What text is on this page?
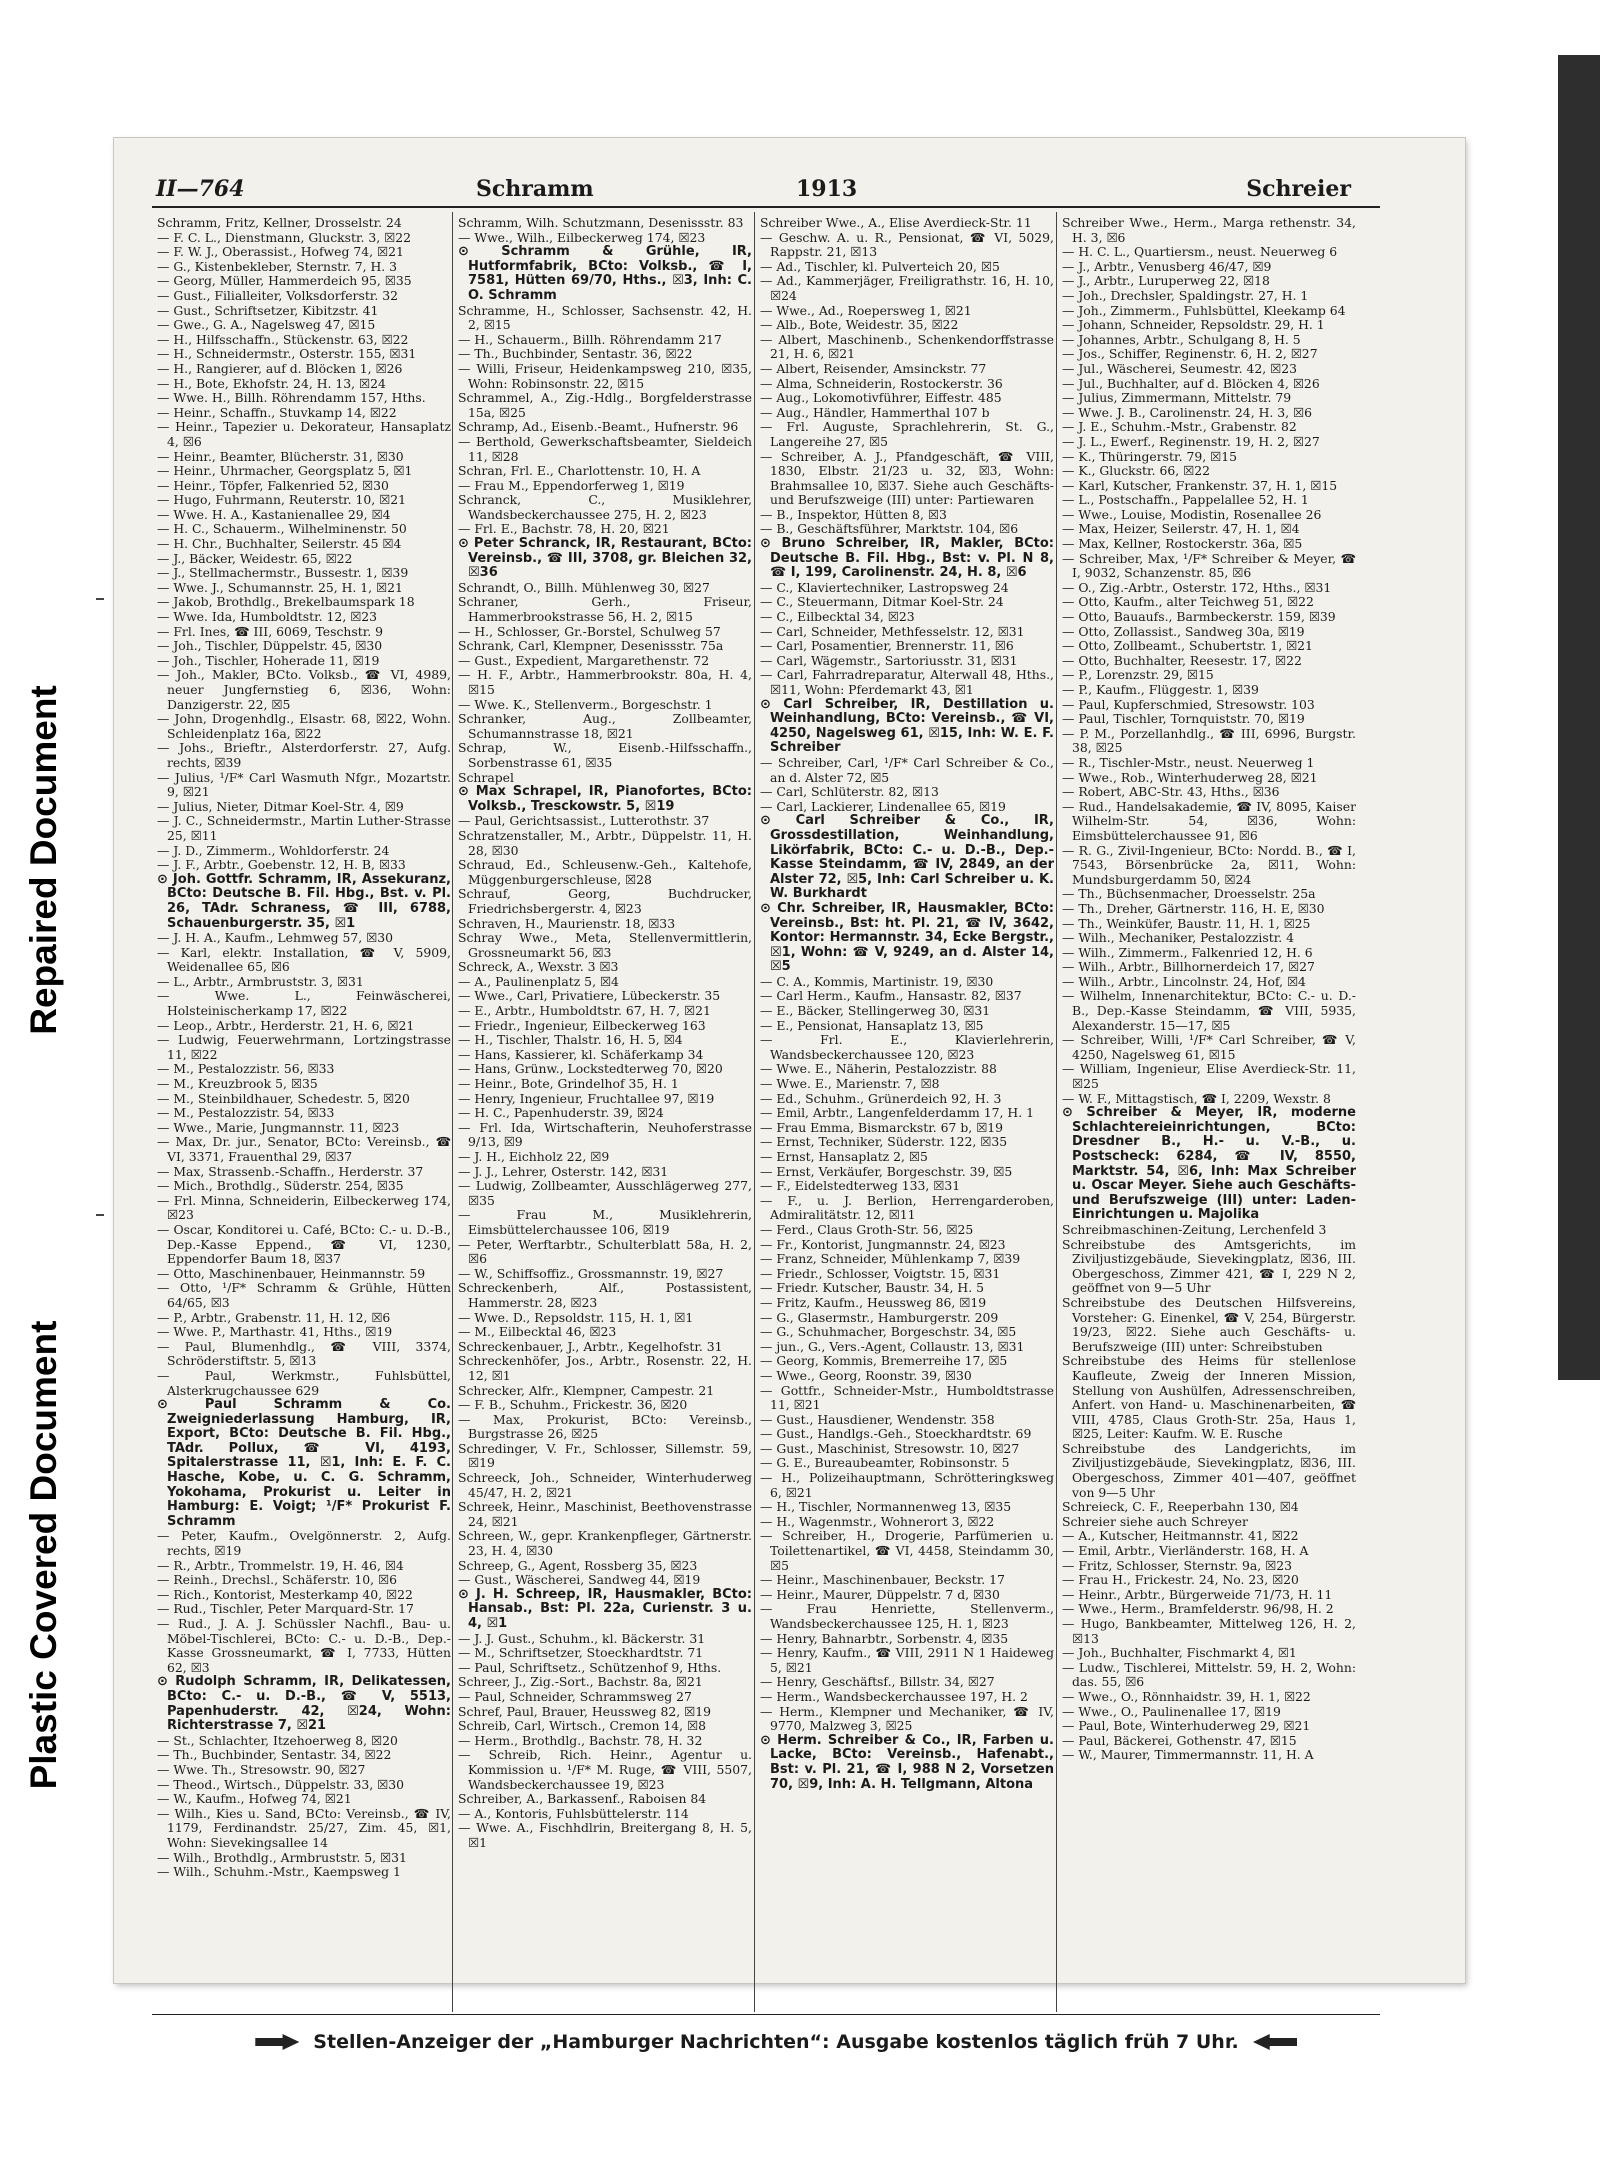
Repaired Document
Plastic Covered Document
II—764	Schramm	1913	Schreier

Schramm, Fritz, Kellner, Drosselstr. 24

— F. C. L., Dienstmann, Gluckstr. 3, ☒22

— F. W. J., Oberassist., Hofweg 74, ☒21

— G., Kistenbekleber, Sternstr. 7, H. 3

— Georg, Müller, Hammerdeich 95, ☒35

— Gust., Filialleiter, Volksdorferstr. 32

— Gust., Schriftsetzer, Kibitzstr. 41

— Gwe., G. A., Nagelsweg 47, ☒15

— H., Hilfsschaffn., Stückenstr. 63, ☒22

— H., Schneidermstr., Osterstr. 155, ☒31

— H., Rangierer, auf d. Blöcken 1, ☒26

— H., Bote, Ekhofstr. 24, H. 13, ☒24

— Wwe. H., Billh. Röhrendamm 157, Hths.

— Heinr., Schaffn., Stuvkamp 14, ☒22

— Heinr., Tapezier u. Dekorateur, Hansaplatz 4, ☒6

— Heinr., Beamter, Blücherstr. 31, ☒30

— Heinr., Uhrmacher, Georgsplatz 5, ☒1

— Heinr., Töpfer, Falkenried 52, ☒30

— Hugo, Fuhrmann, Reuterstr. 10, ☒21

— Wwe. H. A., Kastanienallee 29, ☒4

— H. C., Schauerm., Wilhelminenstr. 50

— H. Chr., Buchhalter, Seilerstr. 45 ☒4

— J., Bäcker, Weidestr. 65, ☒22

— J., Stellmachermstr., Bussestr. 1, ☒39

— Wwe. J., Schumannstr. 25, H. 1, ☒21

— Jakob, Brothdlg., Brekelbaumspark 18

— Wwe. Ida, Humboldtstr. 12, ☒23

— Frl. Ines, ☎ III, 6069, Teschstr. 9

— Joh., Tischler, Düppelstr. 45, ☒30

— Joh., Tischler, Hoherade 11, ☒19

— Joh., Makler, BCto. Volksb., ☎ VI, 4989, neuer Jungfernstieg 6, ☒36, Wohn: Danzigerstr. 22, ☒5

— John, Drogenhdlg., Elsastr. 68, ☒22, Wohn. Schleidenplatz 16a, ☒22

— Johs., Brieftr., Alsterdorferstr. 27, Aufg. rechts, ☒39

— Julius, ¹/F* Carl Wasmuth Nfgr., Mozartstr. 9, ☒21

— Julius, Nieter, Ditmar Koel-Str. 4, ☒9

— J. C., Schneidermstr., Martin Luther-Strasse 25, ☒11

— J. D., Zimmerm., Wohldorferstr. 24

— J. F., Arbtr., Goebenstr. 12, H. B, ☒33

⊙ Joh. Gottfr. Schramm, IR, Assekuranz, BCto: Deutsche B. Fil. Hbg., Bst. v. Pl. 26, TAdr. Schraness, ☎ III, 6788, Schauenburgerstr. 35, ☒1

— J. H. A., Kaufm., Lehmweg 57, ☒30

— Karl, elektr. Installation, ☎ V, 5909, Weidenallee 65, ☒6

— L., Arbtr., Armbruststr. 3, ☒31

— Wwe. L., Feinwäscherei, Holsteinischerkamp 17, ☒22

— Leop., Arbtr., Herderstr. 21, H. 6, ☒21

— Ludwig, Feuerwehrmann, Lortzingstrasse 11, ☒22

— M., Pestalozzistr. 56, ☒33

— M., Kreuzbrook 5, ☒35

— M., Steinbildhauer, Schedestr. 5, ☒20

— M., Pestalozzistr. 54, ☒33

— Wwe., Marie, Jungmannstr. 11, ☒23

— Max, Dr. jur., Senator, BCto: Vereinsb., ☎ VI, 3371, Frauenthal 29, ☒37

— Max, Strassenb.-Schaffn., Herderstr. 37

— Mich., Brothdlg., Süderstr. 254, ☒35

— Frl. Minna, Schneiderin, Eilbeckerweg 174, ☒23

— Oscar, Konditorei u. Café, BCto: C.- u. D.-B., Dep.-Kasse Eppend., ☎ VI, 1230, Eppendorfer Baum 18, ☒37

— Otto, Maschinenbauer, Heinmannstr. 59

— Otto, ¹/F* Schramm & Grühle, Hütten 64/65, ☒3

— P., Arbtr., Grabenstr. 11, H. 12, ☒6

— Wwe. P., Marthastr. 41, Hths., ☒19

— Paul, Blumenhdlg., ☎ VIII, 3374, Schröderstiftstr. 5, ☒13

— Paul, Werkmstr., Fuhlsbüttel, Alsterkrugchaussee 629

⊙ Paul Schramm & Co. Zweigniederlassung Hamburg, IR, Export, BCto: Deutsche B. Fil. Hbg., TAdr. Pollux, ☎ VI, 4193, Spitalerstrasse 11, ☒1, Inh: E. F. C. Hasche, Kobe, u. C. G. Schramm, Yokohama, Prokurist u. Leiter in Hamburg: E. Voigt; ¹/F* Prokurist F. Schramm

— Peter, Kaufm., Ovelgönnerstr. 2, Aufg. rechts, ☒19

— R., Arbtr., Trommelstr. 19, H. 46, ☒4

— Reinh., Drechsl., Schäferstr. 10, ☒6

— Rich., Kontorist, Mesterkamp 40, ☒22

— Rud., Tischler, Peter Marquard-Str. 17

— Rud., J. A. J. Schüssler Nachfl., Bau- u. Möbel-Tischlerei, BCto: C.- u. D.-B., Dep.-Kasse Grossneumarkt, ☎ I, 7733, Hütten 62, ☒3

⊙ Rudolph Schramm, IR, Delikatessen, BCto: C.- u. D.-B., ☎ V, 5513, Papenhuderstr. 42, ☒24, Wohn: Richterstrasse 7, ☒21

— St., Schlachter, Itzehoerweg 8, ☒20

— Th., Buchbinder, Sentastr. 34, ☒22

— Wwe. Th., Stresowstr. 90, ☒27

— Theod., Wirtsch., Düppelstr. 33, ☒30

— W., Kaufm., Hofweg 74, ☒21

— Wilh., Kies u. Sand, BCto: Vereinsb., ☎ IV, 1179, Ferdinandstr. 25/27, Zim. 45, ☒1, Wohn: Sievekingsallee 14

— Wilh., Brothdlg., Armbruststr. 5, ☒31

— Wilh., Schuhm.-Mstr., Kaempsweg 1

Schramm, Wilh. Schutzmann, Desenissstr. 83

— Wwe., Wilh., Eilbeckerweg 174, ☒23

⊙ Schramm & Grühle, IR, Hutformfabrik, BCto: Volksb., ☎ I, 7581, Hütten 69/70, Hths., ☒3, Inh: C. O. Schramm

Schramme, H., Schlosser, Sachsenstr. 42, H. 2, ☒15

— H., Schauerm., Billh. Röhrendamm 217

— Th., Buchbinder, Sentastr. 36, ☒22

— Willi, Friseur, Heidenkampsweg 210, ☒35, Wohn: Robinsonstr. 22, ☒15

Schrammel, A., Zig.-Hdlg., Borgfelderstrasse 15a, ☒25

Schramp, Ad., Eisenb.-Beamt., Hufnerstr. 96

— Berthold, Gewerkschaftsbeamter, Sieldeich 11, ☒28

Schran, Frl. E., Charlottenstr. 10, H. A

— Frau M., Eppendorferweg 1, ☒19

Schranck, C., Musiklehrer, Wandsbeckerchaussee 275, H. 2, ☒23

— Frl. E., Bachstr. 78, H. 20, ☒21

⊙ Peter Schranck, IR, Restaurant, BCto: Vereinsb., ☎ III, 3708, gr. Bleichen 32, ☒36

Schrandt, O., Billh. Mühlenweg 30, ☒27

Schraner, Gerh., Friseur, Hammerbrookstrasse 56, H. 2, ☒15

— H., Schlosser, Gr.-Borstel, Schulweg 57

Schrank, Carl, Klempner, Desenissstr. 75a

— Gust., Expedient, Margarethenstr. 72

— H. F., Arbtr., Hammerbrookstr. 80a, H. 4, ☒15

— Wwe. K., Stellenverm., Borgeschstr. 1

Schranker, Aug., Zollbeamter, Schumannstrasse 18, ☒21

Schrap, W., Eisenb.-Hilfsschaffn., Sorbenstrasse 61, ☒35

Schrapel

⊙ Max Schrapel, IR, Pianofortes, BCto: Volksb., Tresckowstr. 5, ☒19

— Paul, Gerichtsassist., Lutterothstr. 37

Schratzenstaller, M., Arbtr., Düppelstr. 11, H. 28, ☒30

Schraud, Ed., Schleusenw.-Geh., Kaltehofe, Müggenburgerschleuse, ☒28

Schrauf, Georg, Buchdrucker, Friedrichsbergerstr. 4, ☒23

Schraven, H., Maurienstr. 18, ☒33

Schray Wwe., Meta, Stellenvermittlerin, Grossneumarkt 56, ☒3

Schreck, A., Wexstr. 3 ☒3

— A., Paulinenplatz 5, ☒4

— Wwe., Carl, Privatiere, Lübeckerstr. 35

— E., Arbtr., Humboldtstr. 67, H. 7, ☒21

— Friedr., Ingenieur, Eilbeckerweg 163

— H., Tischler, Thalstr. 16, H. 5, ☒4

— Hans, Kassierer, kl. Schäferkamp 34

— Hans, Grünw., Lockstedterweg 70, ☒20

— Heinr., Bote, Grindelhof 35, H. 1

— Henry, Ingenieur, Fruchtallee 97, ☒19

— H. C., Papenhuderstr. 39, ☒24

— Frl. Ida, Wirtschafterin, Neuhoferstrasse 9/13, ☒9

— J. H., Eichholz 22, ☒9

— J. J., Lehrer, Osterstr. 142, ☒31

— Ludwig, Zollbeamter, Ausschlägerweg 277, ☒35

— Frau M., Musiklehrerin, Eimsbüttelerchaussee 106, ☒19

— Peter, Werftarbtr., Schulterblatt 58a, H. 2, ☒6

— W., Schiffsoffiz., Grossmannstr. 19, ☒27

Schreckenberh, Alf., Postassistent, Hammerstr. 28, ☒23

— Wwe. D., Repsoldstr. 115, H. 1, ☒1

— M., Eilbecktal 46, ☒23

Schreckenbauer, J., Arbtr., Kegelhofstr. 31

Schreckenhöfer, Jos., Arbtr., Rosenstr. 22, H. 12, ☒1

Schrecker, Alfr., Klempner, Campestr. 21

— F. B., Schuhm., Frickestr. 36, ☒20

— Max, Prokurist, BCto: Vereinsb., Burgstrasse 26, ☒25

Schredinger, V. Fr., Schlosser, Sillemstr. 59, ☒19

Schreeck, Joh., Schneider, Winterhuderweg 45/47, H. 2, ☒21

Schreek, Heinr., Maschinist, Beethovenstrasse 24, ☒21

Schreen, W., gepr. Krankenpfleger, Gärtnerstr. 23, H. 4, ☒30

Schreep, G., Agent, Rossberg 35, ☒23

— Gust., Wäscherei, Sandweg 44, ☒19

⊙ J. H. Schreep, IR, Hausmakler, BCto: Hansab., Bst: Pl. 22a, Curienstr. 3 u. 4, ☒1

— J. J. Gust., Schuhm., kl. Bäckerstr. 31

— M., Schriftsetzer, Stoeckhardtstr. 71

— Paul, Schriftsetz., Schützenhof 9, Hths.

Schreer, J., Zig.-Sort., Bachstr. 8a, ☒21

— Paul, Schneider, Schrammsweg 27

Schref, Paul, Brauer, Heussweg 82, ☒19

Schreib, Carl, Wirtsch., Cremon 14, ☒8

— Herm., Brothdlg., Bachstr. 78, H. 32

— Schreib, Rich. Heinr., Agentur u. Kommission u. ¹/F* M. Ruge, ☎ VIII, 5507, Wandsbeckerchaussee 19, ☒23

Schreiber, A., Barkassenf., Raboisen 84

— A., Kontoris, Fuhlsbüttelerstr. 114

— Wwe. A., Fischhdlrin, Breitergang 8, H. 5, ☒1

Schreiber Wwe., A., Elise Averdieck-Str. 11

— Geschw. A. u. R., Pensionat, ☎ VI, 5029, Rappstr. 21, ☒13

— Ad., Tischler, kl. Pulverteich 20, ☒5

— Ad., Kammerjäger, Freiligrathstr. 16, H. 10, ☒24

— Wwe., Ad., Roepersweg 1, ☒21

— Alb., Bote, Weidestr. 35, ☒22

— Albert, Maschinenb., Schenkendorffstrasse 21, H. 6, ☒21

— Albert, Reisender, Amsinckstr. 77

— Alma, Schneiderin, Rostockerstr. 36

— Aug., Lokomotivführer, Eiffestr. 485

— Aug., Händler, Hammerthal 107 b

— Frl. Auguste, Sprachlehrerin, St. G., Langereihe 27, ☒5

— Schreiber, A. J., Pfandgeschäft, ☎ VIII, 1830, Elbstr. 21/23 u. 32, ☒3, Wohn: Brahmsallee 10, ☒37. Siehe auch Geschäfts- und Berufszweige (III) unter: Partiewaren

— B., Inspektor, Hütten 8, ☒3

— B., Geschäftsführer, Marktstr. 104, ☒6

⊙ Bruno Schreiber, IR, Makler, BCto: Deutsche B. Fil. Hbg., Bst: v. Pl. N 8, ☎ I, 199, Carolinenstr. 24, H. 8, ☒6

— C., Klaviertechniker, Lastropsweg 24

— C., Steuermann, Ditmar Koel-Str. 24

— C., Eilbecktal 34, ☒23

— Carl, Schneider, Methfesselstr. 12, ☒31

— Carl, Posamentier, Brennerstr. 11, ☒6

— Carl, Wägemstr., Sartoriusstr. 31, ☒31

— Carl, Fahrradreparatur, Alterwall 48, Hths., ☒11, Wohn: Pferdemarkt 43, ☒1

⊙ Carl Schreiber, IR, Destillation u. Weinhandlung, BCto: Vereinsb., ☎ VI, 4250, Nagelsweg 61, ☒15, Inh: W. E. F. Schreiber

— Schreiber, Carl, ¹/F* Carl Schreiber & Co., an d. Alster 72, ☒5

— Carl, Schlüterstr. 82, ☒13

— Carl, Lackierer, Lindenallee 65, ☒19

⊙ Carl Schreiber & Co., IR, Grossdestillation, Weinhandlung, Likörfabrik, BCto: C.- u. D.-B., Dep.-Kasse Steindamm, ☎ IV, 2849, an der Alster 72, ☒5, Inh: Carl Schreiber u. K. W. Burkhardt

⊙ Chr. Schreiber, IR, Hausmakler, BCto: Vereinsb., Bst: ht. Pl. 21, ☎ IV, 3642, Kontor: Hermannstr. 34, Ecke Bergstr., ☒1, Wohn: ☎ V, 9249, an d. Alster 14, ☒5

— C. A., Kommis, Martinistr. 19, ☒30

— Carl Herm., Kaufm., Hansastr. 82, ☒37

— E., Bäcker, Stellingerweg 30, ☒31

— E., Pensionat, Hansaplatz 13, ☒5

— Frl. E., Klavierlehrerin, Wandsbeckerchaussee 120, ☒23

— Wwe. E., Näherin, Pestalozzistr. 88

— Wwe. E., Marienstr. 7, ☒8

— Ed., Schuhm., Grünerdeich 92, H. 3

— Emil, Arbtr., Langenfelderdamm 17, H. 1

— Frau Emma, Bismarckstr. 67 b, ☒19

— Ernst, Techniker, Süderstr. 122, ☒35

— Ernst, Hansaplatz 2, ☒5

— Ernst, Verkäufer, Borgeschstr. 39, ☒5

— F., Eidelstedterweg 133, ☒31

— F., u. J. Berlion, Herrengarderoben, Admiralitätstr. 12, ☒11

— Ferd., Claus Groth-Str. 56, ☒25

— Fr., Kontorist, Jungmannstr. 24, ☒23

— Franz, Schneider, Mühlenkamp 7, ☒39

— Friedr., Schlosser, Voigtstr. 15, ☒31

— Friedr. Kutscher, Baustr. 34, H. 5

— Fritz, Kaufm., Heussweg 86, ☒19

— G., Glasermstr., Hamburgerstr. 209

— G., Schuhmacher, Borgeschstr. 34, ☒5

— jun., G., Vers.-Agent, Collaustr. 13, ☒31

— Georg, Kommis, Bremerreihe 17, ☒5

— Wwe., Georg, Roonstr. 39, ☒30

— Gottfr., Schneider-Mstr., Humboldtstrasse 11, ☒21

— Gust., Hausdiener, Wendenstr. 358

— Gust., Handlgs.-Geh., Stoeckhardtstr. 69

— Gust., Maschinist, Stresowstr. 10, ☒27

— G. E., Bureaubeamter, Robinsonstr. 5

— H., Polizeihauptmann, Schrötteringksweg 6, ☒21

— H., Tischler, Normannenweg 13, ☒35

— H., Wagenmstr., Wohnerort 3, ☒22

— Schreiber, H., Drogerie, Parfümerien u. Toilettenartikel, ☎ VI, 4458, Steindamm 30, ☒5

— Heinr., Maschinenbauer, Beckstr. 17

— Heinr., Maurer, Düppelstr. 7 d, ☒30

— Frau Henriette, Stellenverm., Wandsbeckerchaussee 125, H. 1, ☒23

— Henry, Bahnarbtr., Sorbenstr. 4, ☒35

— Henry, Kaufm., ☎ VIII, 2911 N 1 Haideweg 5, ☒21

— Henry, Geschäftsf., Billstr. 34, ☒27

— Herm., Wandsbeckerchaussee 197, H. 2

— Herm., Klempner und Mechaniker, ☎ IV, 9770, Malzweg 3, ☒25

⊙ Herm. Schreiber & Co., IR, Farben u. Lacke, BCto: Vereinsb., Hafenabt., Bst: v. Pl. 21, ☎ I, 988 N 2, Vorsetzen 70, ☒9, Inh: A. H. Tellgmann, Altona

Schreiber Wwe., Herm., Marga rethenstr. 34, H. 3, ☒6

— H. C. L., Quartiersm., neust. Neuerweg 6

— J., Arbtr., Venusberg 46/47, ☒9

— J., Arbtr., Luruperweg 22, ☒18

— Joh., Drechsler, Spaldingstr. 27, H. 1

— Joh., Zimmerm., Fuhlsbüttel, Kleekamp 64

— Johann, Schneider, Repsoldstr. 29, H. 1

— Johannes, Arbtr., Schulgang 8, H. 5

— Jos., Schiffer, Reginenstr. 6, H. 2, ☒27

— Jul., Wäscherei, Seumestr. 42, ☒23

— Jul., Buchhalter, auf d. Blöcken 4, ☒26

— Julius, Zimmermann, Mittelstr. 79

— Wwe. J. B., Carolinenstr. 24, H. 3, ☒6

— J. E., Schuhm.-Mstr., Grabenstr. 82

— J. L., Ewerf., Reginenstr. 19, H. 2, ☒27

— K., Thüringerstr. 79, ☒15

— K., Gluckstr. 66, ☒22

— Karl, Kutscher, Frankenstr. 37, H. 1, ☒15

— L., Postschaffn., Pappelallee 52, H. 1

— Wwe., Louise, Modistin, Rosenallee 26

— Max, Heizer, Seilerstr. 47, H. 1, ☒4

— Max, Kellner, Rostockerstr. 36a, ☒5

— Schreiber, Max, ¹/F* Schreiber & Meyer, ☎ I, 9032, Schanzenstr. 85, ☒6

— O., Zig.-Arbtr., Osterstr. 172, Hths., ☒31

— Otto, Kaufm., alter Teichweg 51, ☒22

— Otto, Bauaufs., Barmbeckerstr. 159, ☒39

— Otto, Zollassist., Sandweg 30a, ☒19

— Otto, Zollbeamt., Schubertstr. 1, ☒21

— Otto, Buchhalter, Reesestr. 17, ☒22

— P., Lorenzstr. 29, ☒15

— P., Kaufm., Flüggestr. 1, ☒39

— Paul, Kupferschmied, Stresowstr. 103

— Paul, Tischler, Tornquiststr. 70, ☒19

— P. M., Porzellanhdlg., ☎ III, 6996, Burgstr. 38, ☒25

— R., Tischler-Mstr., neust. Neuerweg 1

— Wwe., Rob., Winterhuderweg 28, ☒21

— Robert, ABC-Str. 43, Hths., ☒36

— Rud., Handelsakademie, ☎ IV, 8095, Kaiser Wilhelm-Str. 54, ☒36, Wohn: Eimsbüttelerchaussee 91, ☒6

— R. G., Zivil-Ingenieur, BCto: Nordd. B., ☎ I, 7543, Börsenbrücke 2a, ☒11, Wohn: Mundsburgerdamm 50, ☒24

— Th., Büchsenmacher, Droesselstr. 25a

— Th., Dreher, Gärtnerstr. 116, H. E, ☒30

— Th., Weinküfer, Baustr. 11, H. 1, ☒25

— Wilh., Mechaniker, Pestalozzistr. 4

— Wilh., Zimmerm., Falkenried 12, H. 6

— Wilh., Arbtr., Billhornerdeich 17, ☒27

— Wilh., Arbtr., Lincolnstr. 24, Hof, ☒4

— Wilhelm, Innenarchitektur, BCto: C.- u. D.-B., Dep.-Kasse Steindamm, ☎ VIII, 5935, Alexanderstr. 15—17, ☒5

— Schreiber, Willi, ¹/F* Carl Schreiber, ☎ V, 4250, Nagelsweg 61, ☒15

— William, Ingenieur, Elise Averdieck-Str. 11, ☒25

— W. F., Mittagstisch, ☎ I, 2209, Wexstr. 8

⊙ Schreiber & Meyer, IR, moderne Schlachtereieinrichtungen, BCto: Dresdner B., H.- u. V.-B., u. Postscheck: 6284, ☎ IV, 8550, Marktstr. 54, ☒6, Inh: Max Schreiber u. Oscar Meyer. Siehe auch Geschäfts- und Berufszweige (III) unter: Laden-Einrichtungen u. Majolika

Schreibmaschinen-Zeitung, Lerchenfeld 3

Schreibstube des Amtsgerichts, im Ziviljustizgebäude, Sievekingplatz, ☒36, III. Obergeschoss, Zimmer 421, ☎ I, 229 N 2, geöffnet von 9—5 Uhr

Schreibstube des Deutschen Hilfsvereins, Vorsteher: G. Einenkel, ☎ V, 254, Bürgerstr. 19/23, ☒22. Siehe auch Geschäfts- u. Berufszweige (III) unter: Schreibstuben

Schreibstube des Heims für stellenlose Kaufleute, Zweig der Inneren Mission, Stellung von Aushülfen, Adressenschreiben, Anfert. von Hand- u. Maschinenarbeiten, ☎ VIII, 4785, Claus Groth-Str. 25a, Haus 1, ☒25, Leiter: Kaufm. W. E. Rusche

Schreibstube des Landgerichts, im Ziviljustizgebäude, Sievekingplatz, ☒36, III. Obergeschoss, Zimmer 401—407, geöffnet von 9—5 Uhr

Schreieck, C. F., Reeperbahn 130, ☒4

Schreier siehe auch Schreyer

— A., Kutscher, Heitmannstr. 41, ☒22

— Emil, Arbtr., Vierländerstr. 168, H. A

— Fritz, Schlosser, Sternstr. 9a, ☒23

— Frau H., Frickestr. 24, No. 23, ☒20

— Heinr., Arbtr., Bürgerweide 71/73, H. 11

— Wwe., Herm., Bramfelderstr. 96/98, H. 2

— Hugo, Bankbeamter, Mittelweg 126, H. 2, ☒13

— Joh., Buchhalter, Fischmarkt 4, ☒1

— Ludw., Tischlerei, Mittelstr. 59, H. 2, Wohn: das. 55, ☒6

— Wwe., O., Rönnhaidstr. 39, H. 1, ☒22

— Wwe., O., Paulinenallee 17, ☒19

— Paul, Bote, Winterhuderweg 29, ☒21

— Paul, Bäckerei, Gothenstr. 47, ☒15

— W., Maurer, Timmermannstr. 11, H. A

Stellen-Anzeiger der „Hamburger Nachrichten“: Ausgabe kostenlos täglich früh 7 Uhr.
